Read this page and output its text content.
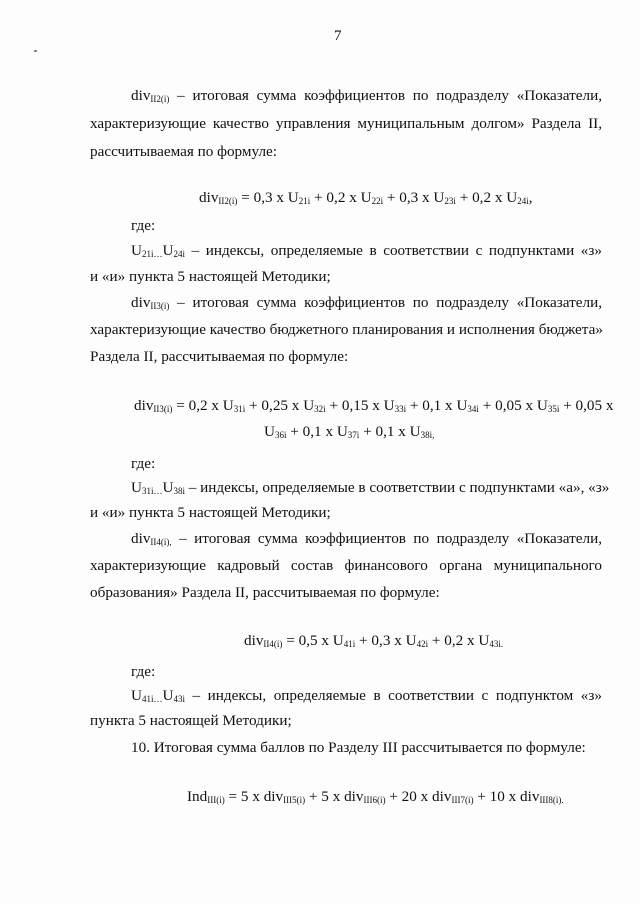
7
div$_{II2(i)}$ – итоговая сумма коэффициентов по подразделу «Показатели,
характеризующие качество управления муниципальным долгом» Раздела II,
рассчитываемая по формуле:
div$_{II2(i)}$ = 0,3 x $U_{21i} + 0,2$ x $U_{22i} + 0,3$ x $U_{23i} + 0,2$ x $U_{24i}$,
где:
$U_{21i\dots}U_{24i}$ – индексы, определяемые в соответствии с подпунктами «з»
и «и» пункта 5 настоящей Методики;
div$_{II3(i)}$ – итоговая сумма коэффициентов по подразделу «Показатели,
характеризующие качество бюджетного планирования и исполнения бюджета»
Раздела II, рассчитываемая по формуле:
div$_{II3(i)}$ = 0,2 x $U_{31i} + 0,25$ x $U_{32i} + 0,15$ x $U_{33i} + 0,1$ x $U_{34i} + 0,05$ x $U_{35i} + 0,05$ x
$U_{36i} + 0,1$ x $U_{37i} + 0,1$ x $U_{38i,}$
где:
$U_{31i\dots}U_{38i}$ – индексы, определяемые в соответствии с подпунктами «а», «з»
и «и» пункта 5 настоящей Методики;
div$_{II4(i),}$ – итоговая сумма коэффициентов по подразделу «Показатели,
характеризующие кадровый состав финансового органа муниципального
образования» Раздела II, рассчитываемая по формуле:
div$_{II4(i)}$ = 0,5 x $U_{41i} + 0,3$ x $U_{42i} + 0,2$ x $U_{43i.}$
где:
$U_{41i\dots}U_{43i}$ – индексы, определяемые в соответствии с подпунктом «з»
пункта 5 настоящей Методики;
10. Итоговая сумма баллов по Разделу III рассчитывается по формуле:
Ind$_{III(i)}$ = 5 x div$_{III5(i)}$ + 5 x div$_{III6(i)}$ + 20 x div$_{III7(i)}$ + 10 x div$_{III8(i).}$
